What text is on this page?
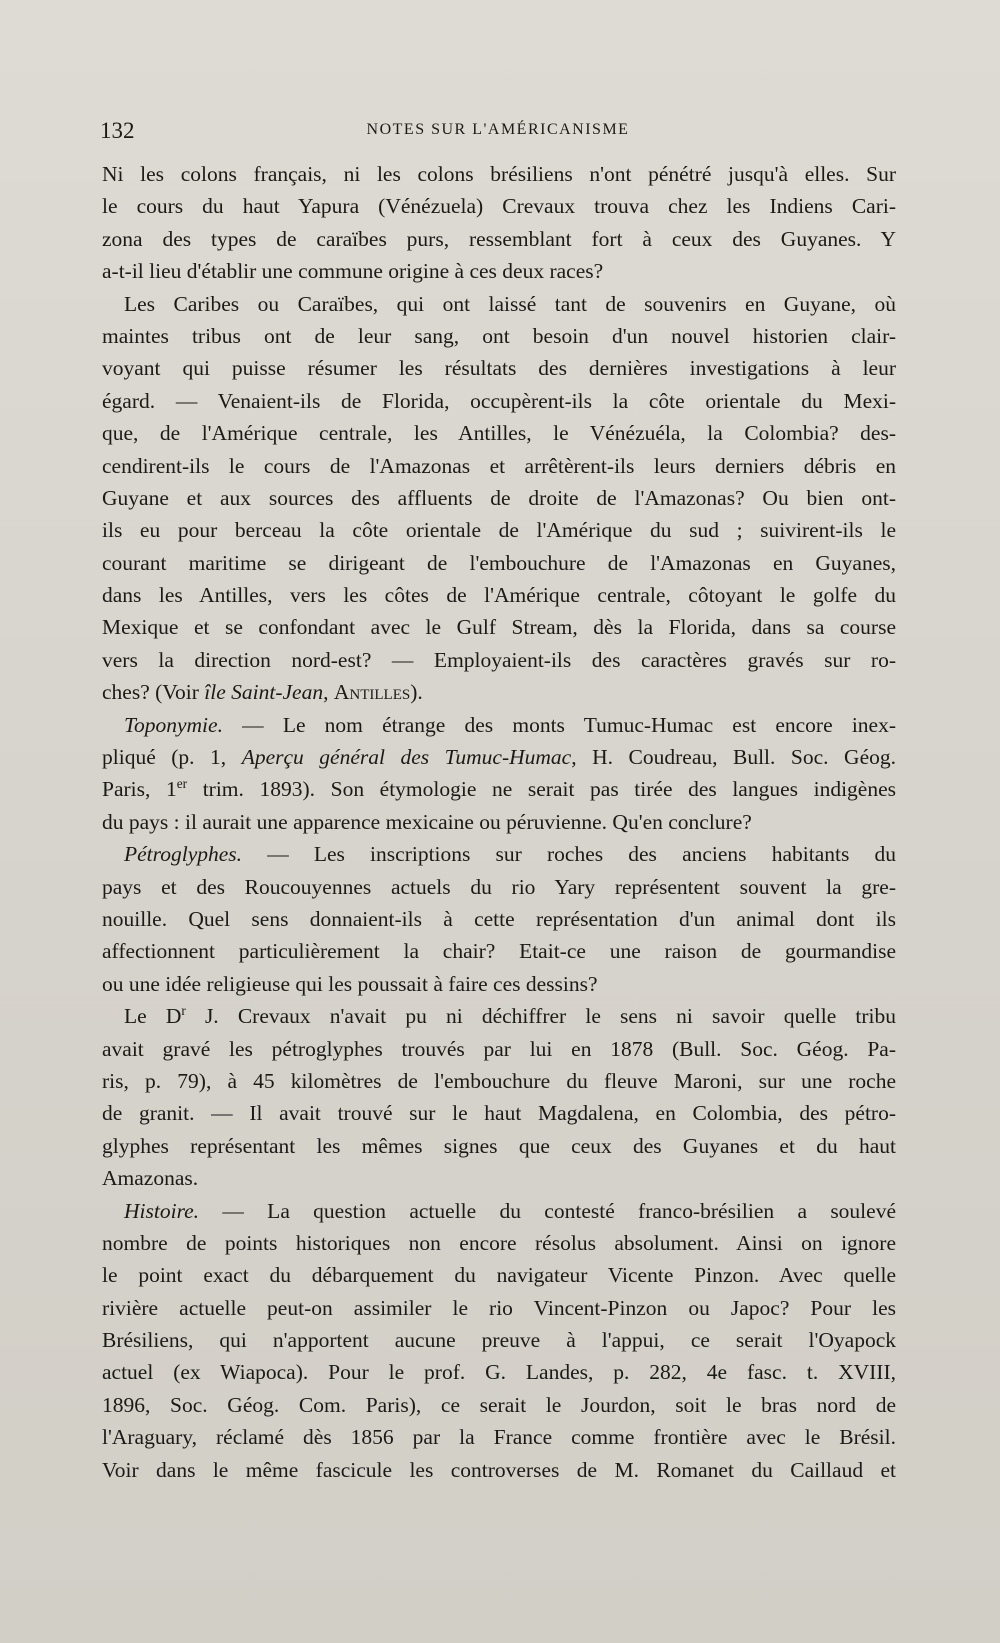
132	NOTES SUR L'AMÉRICANISME
Ni les colons français, ni les colons brésiliens n'ont pénétré jusqu'à elles. Sur
le cours du haut Yapura (Vénézuela) Crevaux trouva chez les Indiens Cari-
zona des types de caraïbes purs, ressemblant fort à ceux des Guyanes. Y
a-t-il lieu d'établir une commune origine à ces deux races?
Les Caribes ou Caraïbes, qui ont laissé tant de souvenirs en Guyane, où
maintes tribus ont de leur sang, ont besoin d'un nouvel historien clair-
voyant qui puisse résumer les résultats des dernières investigations à leur
égard. — Venaient-ils de Florida, occupèrent-ils la côte orientale du Mexi-
que, de l'Amérique centrale, les Antilles, le Vénézuéla, la Colombia? des-
cendirent-ils le cours de l'Amazonas et arrêtèrent-ils leurs derniers débris en
Guyane et aux sources des affluents de droite de l'Amazonas? Ou bien ont-
ils eu pour berceau la côte orientale de l'Amérique du sud ; suivirent-ils le
courant maritime se dirigeant de l'embouchure de l'Amazonas en Guyanes,
dans les Antilles, vers les côtes de l'Amérique centrale, côtoyant le golfe du
Mexique et se confondant avec le Gulf Stream, dès la Florida, dans sa course
vers la direction nord-est? — Employaient-ils des caractères gravés sur ro-
ches? (Voir île Saint-Jean, Antilles).
Toponymie. — Le nom étrange des monts Tumuc-Humac est encore inex-
pliqué (p. 1, Aperçu général des Tumuc-Humac, H. Coudreau, Bull. Soc. Géog.
Paris, 1er trim. 1893). Son étymologie ne serait pas tirée des langues indigènes
du pays : il aurait une apparence mexicaine ou péruvienne. Qu'en conclure?
Pétroglyphes. — Les inscriptions sur roches des anciens habitants du
pays et des Roucouyennes actuels du rio Yary représentent souvent la gre-
nouille. Quel sens donnaient-ils à cette représentation d'un animal dont ils
affectionnent particulièrement la chair? Etait-ce une raison de gourmandise
ou une idée religieuse qui les poussait à faire ces dessins?
Le $D^r$ J. Crevaux n'avait pu ni déchiffrer le sens ni savoir quelle tribu
avait gravé les pétroglyphes trouvés par lui en 1878 (Bull. Soc. Géog. Pa-
ris, p. 79), à 45 kilomètres de l'embouchure du fleuve Maroni, sur une roche
de granit. — Il avait trouvé sur le haut Magdalena, en Colombia, des pétro-
glyphes représentant les mêmes signes que ceux des Guyanes et du haut
Amazonas.
Histoire. — La question actuelle du contesté franco-brésilien a soulevé
nombre de points historiques non encore résolus absolument. Ainsi on ignore
le point exact du débarquement du navigateur Vicente Pinzon. Avec quelle
rivière actuelle peut-on assimiler le rio Vincent-Pinzon ou Japoc? Pour les
Brésiliens, qui n'apportent aucune preuve à l'appui, ce serait l'Oyapock
actuel (ex Wiapoca). Pour le prof. G. Landes, p. 282, 4e fasc. t. XVIII,
1896, Soc. Géog. Com. Paris), ce serait le Jourdon, soit le bras nord de
l'Araguary, réclamé dès 1856 par la France comme frontière avec le Brésil.
Voir dans le même fascicule les controverses de M. Romanet du Caillaud et
